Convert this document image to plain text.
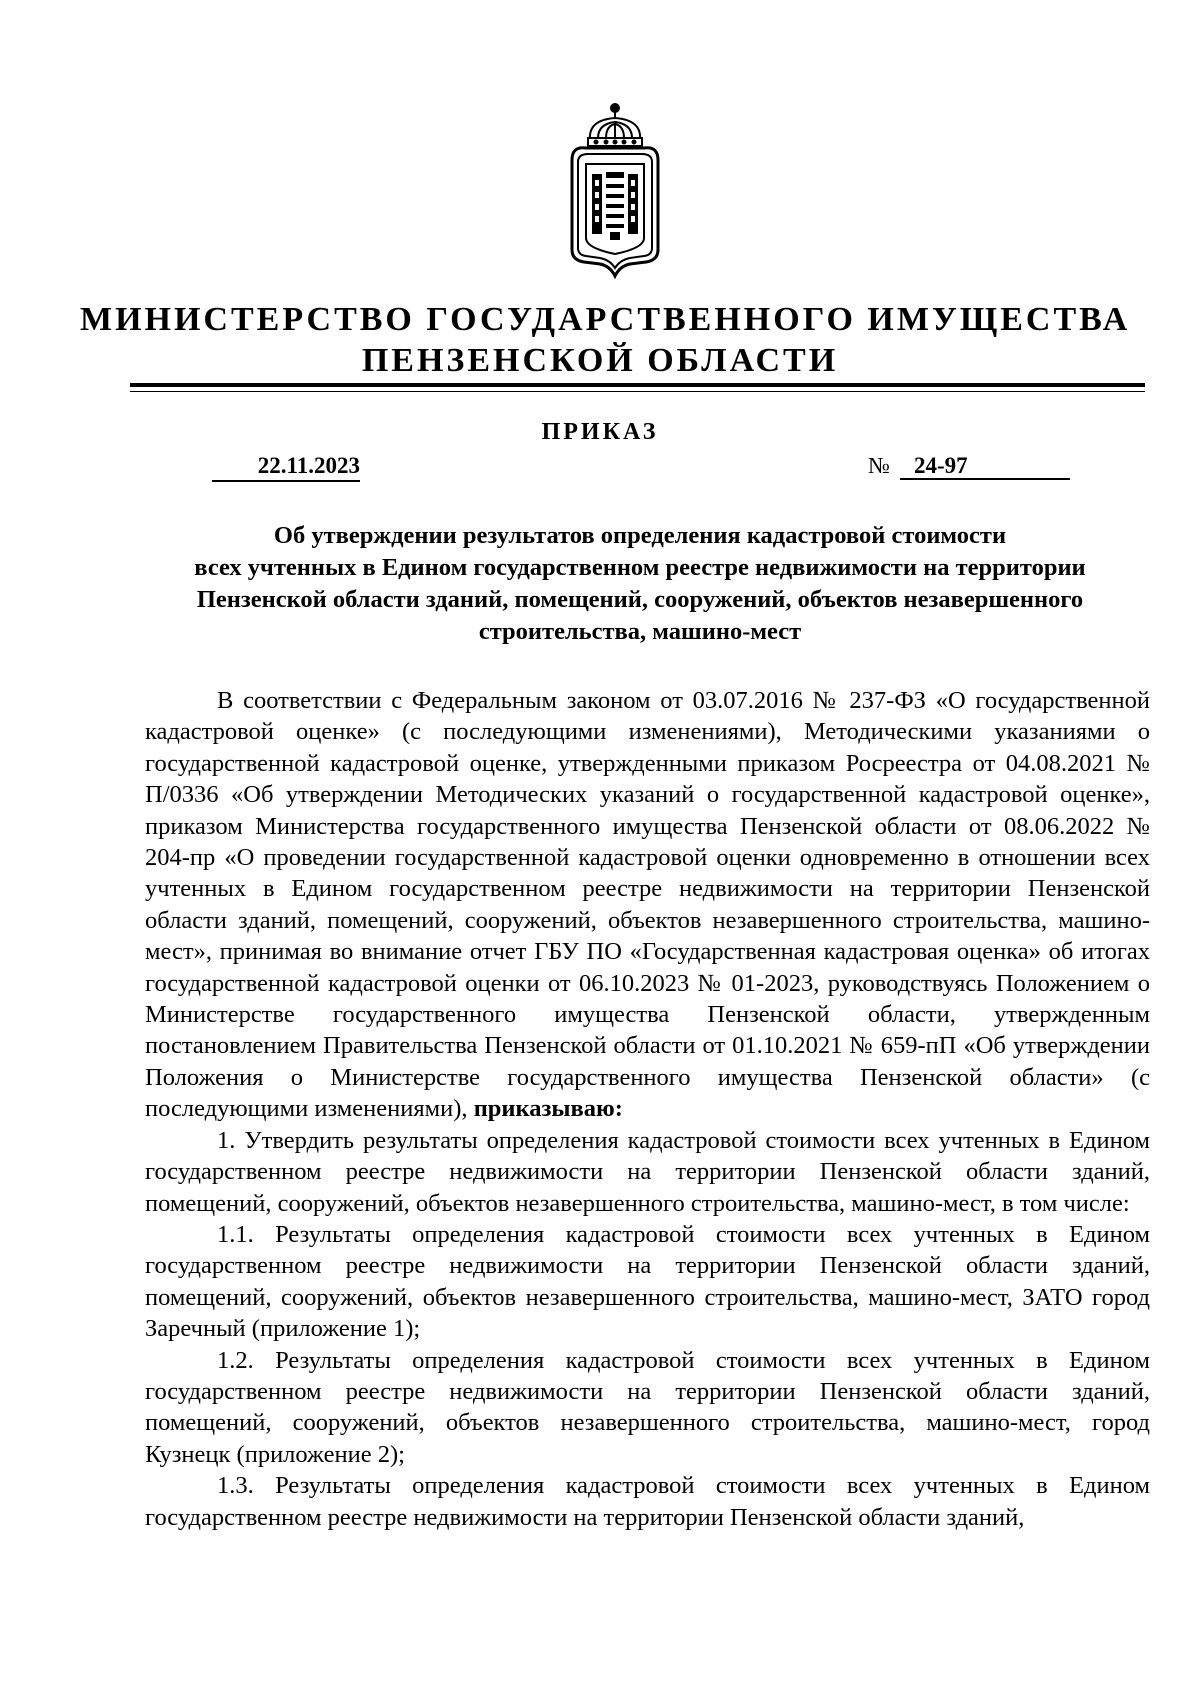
МИНИСТЕРСТВО ГОСУДАРСТВЕННОГО ИМУЩЕСТВА
ПЕНЗЕНСКОЙ ОБЛАСТИ
ПРИКАЗ
22.11.2023	№	24-97
Об утверждении результатов определения кадастровой стоимости
всех учтенных в Едином государственном реестре недвижимости на территории
Пензенской области зданий, помещений, сооружений, объектов незавершенного
строительства, машино-мест

В соответствии с Федеральным законом от 03.07.2016 № 237-ФЗ «О государственной кадастровой оценке» (с последующими изменениями), Методическими указаниями о государственной кадастровой оценке, утвержденными приказом Росреестра от 04.08.2021 № П/0336 «Об утверждении Методических указаний о государственной кадастровой оценке», приказом Министерства государственного имущества Пензенской области от 08.06.2022 № 204-пр «О проведении государственной кадастровой оценки одновременно в отношении всех учтенных в Едином государственном реестре недвижимости на территории Пензенской области зданий, помещений, сооружений, объектов незавершенного строительства, машино-мест», принимая во внимание отчет ГБУ ПО «Государственная кадастровая оценка» об итогах государственной кадастровой оценки от 06.10.2023 № 01-2023, руководствуясь Положением о Министерстве государственного имущества Пензенской области, утвержденным постановлением Правительства Пензенской области от 01.10.2021 № 659-пП «Об утверждении Положения о Министерстве государственного имущества Пензенской области» (с последующими изменениями), приказываю:

1. Утвердить результаты определения кадастровой стоимости всех учтенных в Едином государственном реестре недвижимости на территории Пензенской области зданий, помещений, сооружений, объектов незавершенного строительства, машино-мест, в том числе:

1.1. Результаты определения кадастровой стоимости всех учтенных в Едином государственном реестре недвижимости на территории Пензенской области зданий, помещений, сооружений, объектов незавершенного строительства, машино-мест, ЗАТО город Заречный (приложение 1);

1.2. Результаты определения кадастровой стоимости всех учтенных в Едином государственном реестре недвижимости на территории Пензенской области зданий, помещений, сооружений, объектов незавершенного строительства, машино-мест, город Кузнецк (приложение 2);

1.3. Результаты определения кадастровой стоимости всех учтенных в Едином государственном реестре недвижимости на территории Пензенской области зданий,
